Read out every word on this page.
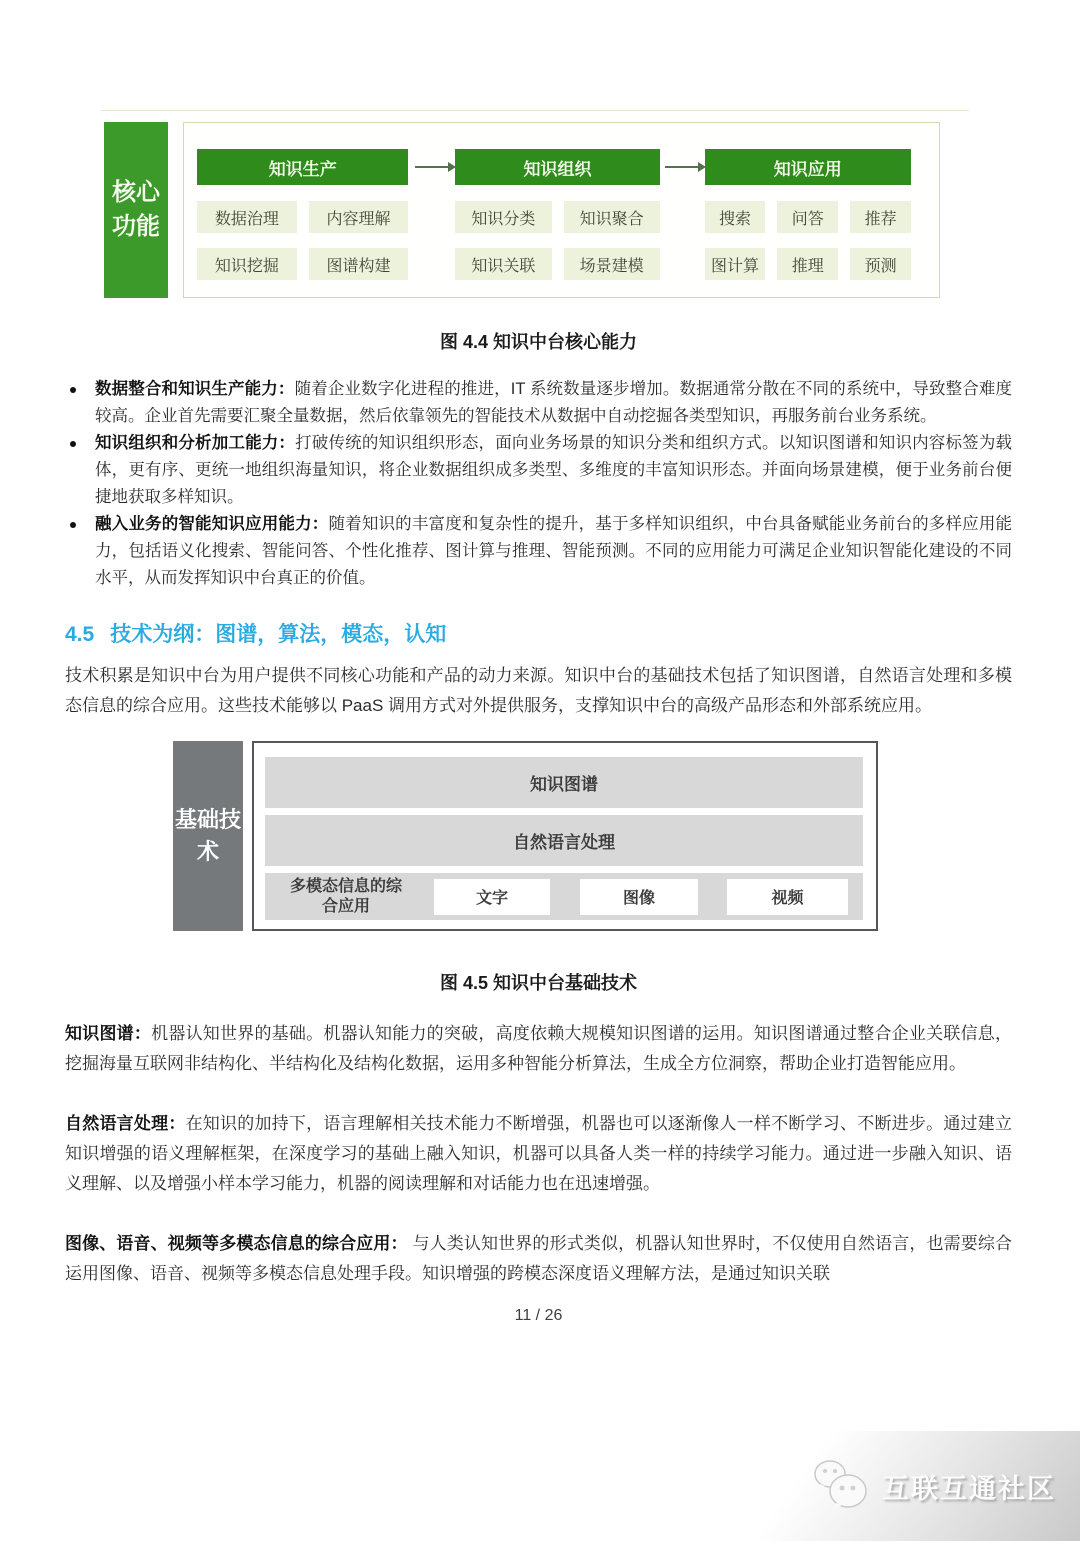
核心功能
知识生产
数据治理	内容理解
知识挖掘	图谱构建
知识组织
知识分类	知识聚合
知识关联	场景建模
知识应用
搜索	问答	推荐
图计算	推理	预测
图 4.4 知识中台核心能力
数据整合和知识生产能力：随着企业数字化进程的推进，IT 系统数量逐步增加。数据通常分散在不同的系统中，导致整合难度较高。企业首先需要汇聚全量数据，然后依靠领先的智能技术从数据中自动挖掘各类型知识，再服务前台业务系统。
知识组织和分析加工能力：打破传统的知识组织形态，面向业务场景的知识分类和组织方式。以知识图谱和知识内容标签为载体，更有序、更统一地组织海量知识，将企业数据组织成多类型、多维度的丰富知识形态。并面向场景建模，便于业务前台便捷地获取多样知识。
融入业务的智能知识应用能力：随着知识的丰富度和复杂性的提升，基于多样知识组织，中台具备赋能业务前台的多样应用能力，包括语义化搜索、智能问答、个性化推荐、图计算与推理、智能预测。不同的应用能力可满足企业知识智能化建设的不同水平，从而发挥知识中台真正的价值。
4.5 技术为纲：图谱，算法，模态，认知

技术积累是知识中台为用户提供不同核心功能和产品的动力来源。知识中台的基础技术包括了知识图谱，自然语言处理和多模态信息的综合应用。这些技术能够以 PaaS 调用方式对外提供服务，支撑知识中台的高级产品形态和外部系统应用。

基础技术
知识图谱
自然语言处理
多模态信息的综合应用	文字	图像	视频
图 4.5 知识中台基础技术

知识图谱：机器认知世界的基础。机器认知能力的突破，高度依赖大规模知识图谱的运用。知识图谱通过整合企业关联信息，挖掘海量互联网非结构化、半结构化及结构化数据，运用多种智能分析算法，生成全方位洞察，帮助企业打造智能应用。

自然语言处理：在知识的加持下，语言理解相关技术能力不断增强，机器也可以逐渐像人一样不断学习、不断进步。通过建立知识增强的语义理解框架，在深度学习的基础上融入知识，机器可以具备人类一样的持续学习能力。通过进一步融入知识、语义理解、以及增强小样本学习能力，机器的阅读理解和对话能力也在迅速增强。

图像、语音、视频等多模态信息的综合应用： 与人类认知世界的形式类似，机器认知世界时，不仅使用自然语言，也需要综合运用图像、语音、视频等多模态信息处理手段。知识增强的跨模态深度语义理解方法，是通过知识关联

11 / 26
互联互通社区
